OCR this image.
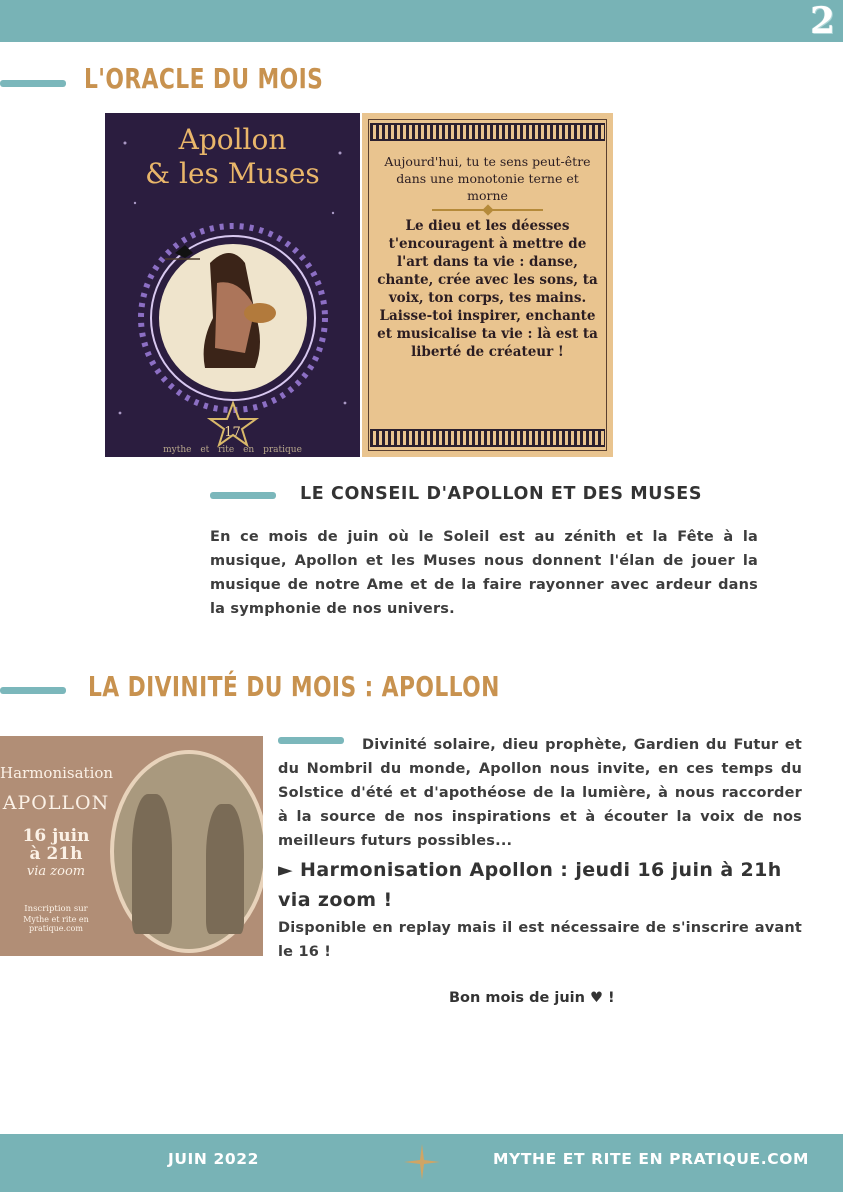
2
L'ORACLE DU MOIS
Apollon
& les Muses
17
mythe et rite en pratique
Aujourd'hui, tu te sens peut-être dans une monotonie terne et morne
Le dieu et les déesses t'encouragent à mettre de l'art dans ta vie : danse, chante, crée avec les sons, ta voix, ton corps, tes mains. Laisse-toi inspirer, enchante et musicalise ta vie : là est ta liberté de créateur !
LE CONSEIL D'APOLLON ET DES MUSES

En ce mois de juin où le Soleil est au zénith et la Fête à la musique, Apollon et les Muses nous donnent l'élan de jouer la musique de notre Ame et de la faire rayonner avec ardeur dans la symphonie de nos univers.

LA DIVINITÉ DU MOIS : APOLLON
Harmonisation
APOLLON
16 juin
à 21h
via zoom
Inscription sur
Mythe et rite en pratique.com

Divinité solaire, dieu prophète, Gardien du Futur et du Nombril du monde, Apollon nous invite, en ces temps du Solstice d'été et d'apothéose de la lumière, à nous raccorder à la source de nos inspirations et à écouter la voix de nos meilleurs futurs possibles...

► Harmonisation Apollon : jeudi 16 juin à 21h via zoom !

Disponible en replay mais il est nécessaire de s'inscrire avant le 16 !

Bon mois de juin ♥ !

JUIN 2022	MYTHE ET RITE EN PRATIQUE.COM
